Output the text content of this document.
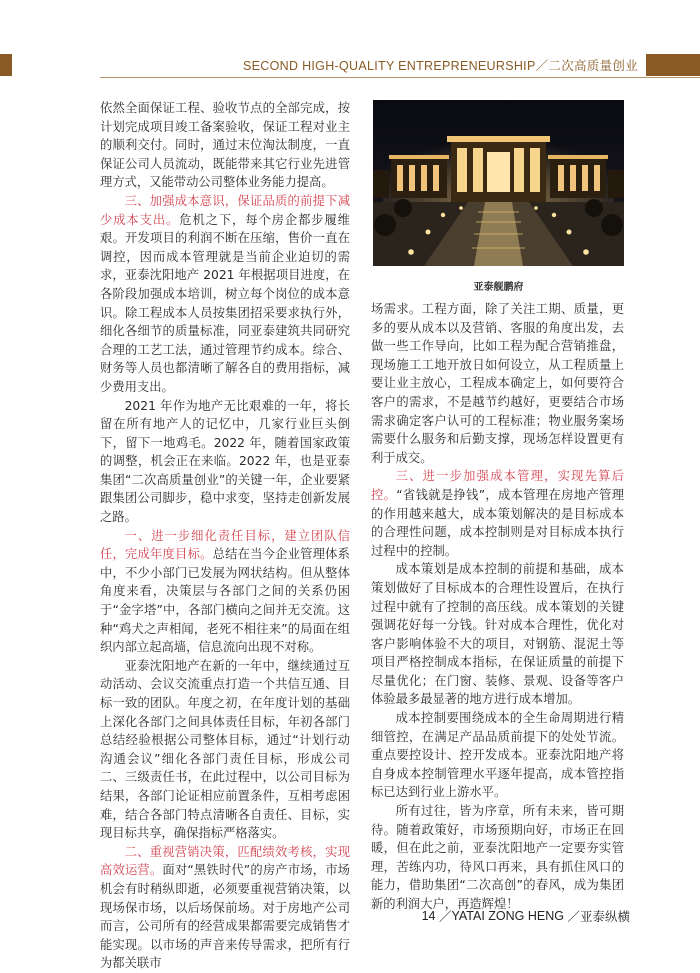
SECOND HIGH-QUALITY ENTREPRENEURSHIP／二次高质量创业

依然全面保证工程、验收节点的全部完成，按计划完成项目竣工备案验收，保证工程对业主的顺利交付。同时，通过末位淘汰制度，一直保证公司人员流动，既能带来其它行业先进管理方式，又能带动公司整体业务能力提高。

三、加强成本意识，保证品质的前提下减少成本支出。危机之下，每个房企都步履维艰。开发项目的利润不断在压缩，售价一直在调控，因而成本管理就是当前企业迫切的需求，亚泰沈阳地产 2021 年根据项目进度，在各阶段加强成本培训，树立每个岗位的成本意识。除工程成本人员按集团招采要求执行外，细化各细节的质量标准，同亚泰建筑共同研究合理的工艺工法，通过管理节约成本。综合、财务等人员也都清晰了解各自的费用指标，减少费用支出。

2021 年作为地产无比艰难的一年，将长留在所有地产人的记忆中，几家行业巨头倒下，留下一地鸡毛。2022 年，随着国家政策的调整，机会正在来临。2022 年，也是亚泰集团“二次高质量创业”的关键一年，企业要紧跟集团公司脚步，稳中求变，坚持走创新发展之路。

一、进一步细化责任目标，建立团队信任，完成年度目标。总结在当今企业管理体系中，不少小部门已发展为网状结构。但从整体角度来看，决策层与各部门之间的关系仍困于“金字塔”中，各部门横向之间并无交流。这种“鸡犬之声相闻，老死不相往来”的局面在组织内部立起高墙，信息流向出现不对称。

亚泰沈阳地产在新的一年中，继续通过互动活动、会议交流重点打造一个共信互通、目标一致的团队。年度之初，在年度计划的基础上深化各部门之间具体责任目标，年初各部门总结经验根据公司整体目标，通过“计划行动沟通会议”细化各部门责任目标，形成公司二、三级责任书，在此过程中，以公司目标为结果，各部门论证相应前置条件，互相考虑困难，结合各部门特点清晰各自责任、目标，实现目标共享，确保指标严格落实。

二、重视营销决策，匹配绩效考核，实现高效运营。面对“黑铁时代”的房产市场，市场机会有时稍纵即逝，必须要重视营销决策，以现场保市场，以后场保前场。对于房地产公司而言，公司所有的经营成果都需要完成销售才能实现。以市场的声音来传导需求，把所有行为都关联市

亚泰舰鹏府

场需求。工程方面，除了关注工期、质量，更多的要从成本以及营销、客服的角度出发，去做一些工作导向，比如工程为配合营销推盘，现场施工工地开放日如何设立，从工程质量上要让业主放心，工程成本确定上，如何要符合客户的需求，不是越节约越好，更要结合市场需求确定客户认可的工程标准；物业服务案场需要什么服务和后勤支撑，现场怎样设置更有利于成交。

三、进一步加强成本管理，实现先算后控。“省钱就是挣钱”，成本管理在房地产管理的作用越来越大，成本策划解决的是目标成本的合理性问题，成本控制则是对目标成本执行过程中的控制。

成本策划是成本控制的前提和基础，成本策划做好了目标成本的合理性设置后，在执行过程中就有了控制的高压线。成本策划的关键强调花好每一分钱。针对成本合理性，优化对客户影响体验不大的项目，对钢筋、混泥土等项目严格控制成本指标，在保证质量的前提下尽量优化；在门窗、装修、景观、设备等客户体验最多最显著的地方进行成本增加。

成本控制要围绕成本的全生命周期进行精细管控，在满足产品品质前提下的处处节流。重点要控设计、控开发成本。亚泰沈阳地产将自身成本控制管理水平逐年提高，成本管控指标已达到行业上游水平。

所有过往，皆为序章，所有未来，皆可期待。随着政策好，市场预期向好，市场正在回暖，但在此之前，亚泰沈阳地产一定要夯实管理，苦练内功，待风口再来，具有抓住风口的能力，借助集团“二次高创”的春风，成为集团新的利润大户，再造辉煌！

14 ／YATAI ZONG HENG ／亚泰纵横
